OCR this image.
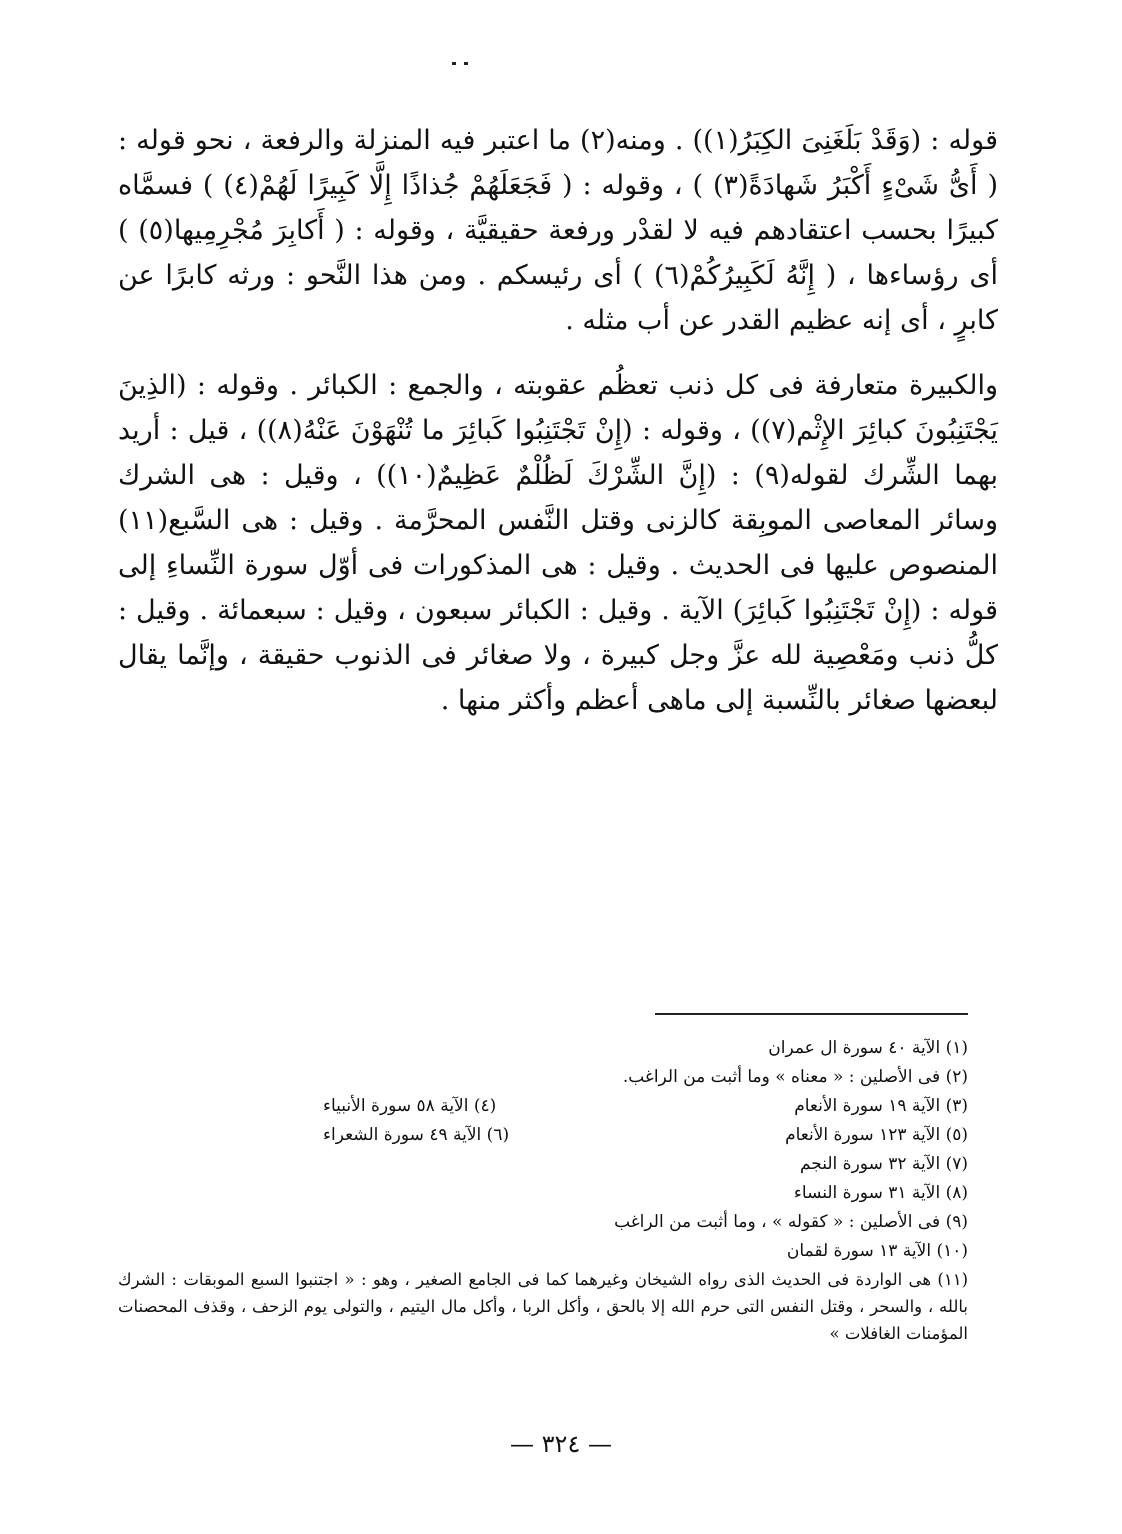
قوله : (وَقَدْ بَلَغَنِىَ الكِبَرُ(١)) . ومنه(٢) ما اعتبر فيه المنزلة والرفعة ، نحو قوله : ( أَىُّ شَىْءٍ أَكْبَرُ شَهادَةً(٣) ) ، وقوله : ( فَجَعَلَهُمْ جُذاذًا إِلَّا كَبِيرًا لَهُمْ(٤) ) فسمَّاه كبيرًا بحسب اعتقادهم فيه لا لقدْر ورفعة حقيقيَّة ، وقوله : ( أَكابِرَ مُجْرِمِيها(٥) ) أى رؤساءها ، ( إِنَّهُ لَكَبِيرُكُمْ(٦) ) أى رئيسكم . ومن هذا النَّحو : ورثه كابرًا عن كابرٍ ، أى إنه عظيم القدر عن أب مثله .

والكبيرة متعارفة فى كل ذنب تعظُم عقوبته ، والجمع : الكبائر . وقوله : (الذِينَ يَجْتَنِبُونَ كبائِرَ الإِثْم(٧)) ، وقوله : (إِنْ تَجْتَنِبُوا كَبائِرَ ما تُنْهَوْنَ عَنْهُ(٨)) ، قيل : أريد بهما الشِّرك لقوله(٩) : (إِنَّ الشِّرْكَ لَظُلْمٌ عَظِيمٌ(١٠)) ، وقيل : هى الشرك وسائر المعاصى الموبِقة كالزنى وقتل النَّفس المحرَّمة . وقيل : هى السَّبع(١١) المنصوص عليها فى الحديث . وقيل : هى المذكورات فى أوّل سورة النِّساءِ إلى قوله : (إِنْ تَجْتَنِبُوا كَبائِرَ) الآية . وقيل : الكبائر سبعون ، وقيل : سبعمائة . وقيل : كلُّ ذنب ومَعْصِية لله عزَّ وجل كبيرة ، ولا صغائر فى الذنوب حقيقة ، وإنَّما يقال لبعضها صغائر بالنِّسبة إلى ماهى أعظم وأكثر منها .

(١) الآية ٤٠ سورة ال عمران
(٢) فى الأصلين : « معناه » وما أثبت من الراغب.
(٣) الآية ١٩ سورة الأنعام
(٤) الآية ٥٨ سورة الأنبياء
(٥) الآية ١٢٣ سورة الأنعام
(٦) الآية ٤٩ سورة الشعراء
(٧) الآية ٣٢ سورة النجم
(٨) الآية ٣١ سورة النساء
(٩) فى الأصلين : « كقوله » ، وما أثبت من الراغب
(١٠) الآية ١٣ سورة لقمان
(١١) هى الواردة فى الحديث الذى رواه الشيخان وغيرهما كما فى الجامع الصغير ، وهو : « اجتنبوا السبع الموبقات : الشرك بالله ، والسحر ، وقتل النفس التى حرم الله إلا بالحق ، وأكل الربا ، وأكل مال اليتيم ، والتولى يوم الزحف ، وقذف المحصنات المؤمنات الغافلات »
— ٣٢٤ —
